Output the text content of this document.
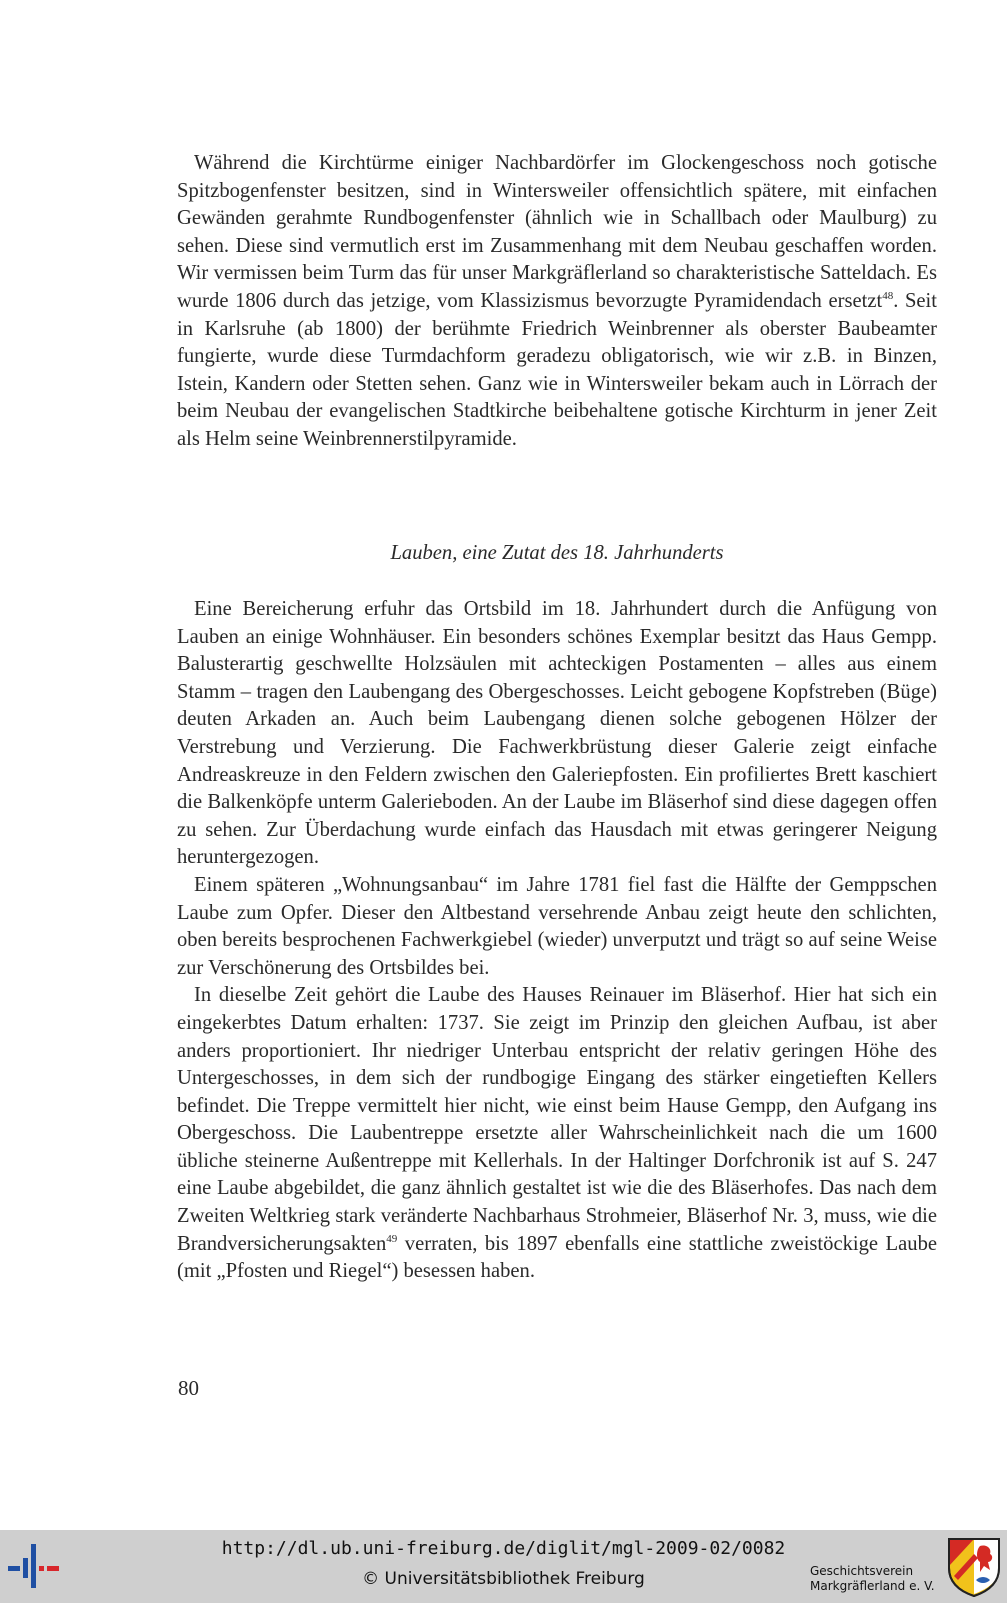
Während die Kirchtürme einiger Nachbardörfer im Glockengeschoss noch gotische Spitzbogenfenster besitzen, sind in Wintersweiler offensichtlich spätere, mit einfachen Gewänden gerahmte Rundbogenfenster (ähnlich wie in Schallbach oder Maulburg) zu sehen. Diese sind vermutlich erst im Zusammenhang mit dem Neubau geschaffen worden. Wir vermissen beim Turm das für unser Markgräflerland so charakteristische Satteldach. Es wurde 1806 durch das jetzige, vom Klassizismus bevorzugte Pyramidendach ersetzt$^{48}$. Seit in Karlsruhe (ab 1800) der berühmte Friedrich Weinbrenner als oberster Baubeamter fungierte, wurde diese Turmdachform geradezu obligatorisch, wie wir z.B. in Binzen, Istein, Kandern oder Stetten sehen. Ganz wie in Wintersweiler bekam auch in Lörrach der beim Neubau der evangelischen Stadtkirche beibehaltene gotische Kirchturm in jener Zeit als Helm seine Weinbrennerstilpyramide.

Lauben, eine Zutat des 18. Jahrhunderts

Eine Bereicherung erfuhr das Ortsbild im 18. Jahrhundert durch die Anfügung von Lauben an einige Wohnhäuser. Ein besonders schönes Exemplar besitzt das Haus Gempp. Balusterartig geschwellte Holzsäulen mit achteckigen Postamenten – alles aus einem Stamm – tragen den Laubengang des Obergeschosses. Leicht gebogene Kopfstreben (Büge) deuten Arkaden an. Auch beim Laubengang dienen solche gebogenen Hölzer der Verstrebung und Verzierung. Die Fachwerkbrüstung dieser Galerie zeigt einfache Andreaskreuze in den Feldern zwischen den Galeriepfosten. Ein profiliertes Brett kaschiert die Balkenköpfe unterm Galerieboden. An der Laube im Bläserhof sind diese dagegen offen zu sehen. Zur Überdachung wurde einfach das Hausdach mit etwas geringerer Neigung heruntergezogen.

Einem späteren „Wohnungsanbau“ im Jahre 1781 fiel fast die Hälfte der Gemppschen Laube zum Opfer. Dieser den Altbestand versehrende Anbau zeigt heute den schlichten, oben bereits besprochenen Fachwerkgiebel (wieder) unverputzt und trägt so auf seine Weise zur Verschönerung des Ortsbildes bei.

In dieselbe Zeit gehört die Laube des Hauses Reinauer im Bläserhof. Hier hat sich ein eingekerbtes Datum erhalten: 1737. Sie zeigt im Prinzip den gleichen Aufbau, ist aber anders proportioniert. Ihr niedriger Unterbau entspricht der relativ geringen Höhe des Untergeschosses, in dem sich der rundbogige Eingang des stärker eingetieften Kellers befindet. Die Treppe vermittelt hier nicht, wie einst beim Hause Gempp, den Aufgang ins Obergeschoss. Die Laubentreppe ersetzte aller Wahrscheinlichkeit nach die um 1600 übliche steinerne Außentreppe mit Kellerhals. In der Haltinger Dorfchronik ist auf S. 247 eine Laube abgebildet, die ganz ähnlich gestaltet ist wie die des Bläserhofes. Das nach dem Zweiten Weltkrieg stark veränderte Nachbarhaus Strohmeier, Bläserhof Nr. 3, muss, wie die Brandversicherungsakten$^{49}$ verraten, bis 1897 ebenfalls eine stattliche zweistöckige Laube (mit „Pfosten und Riegel“) besessen haben.

80
http://dl.ub.uni-freiburg.de/diglit/mgl-2009-02/0082
© Universitätsbibliothek Freiburg	Geschichtsverein
Markgräflerland e. V.
